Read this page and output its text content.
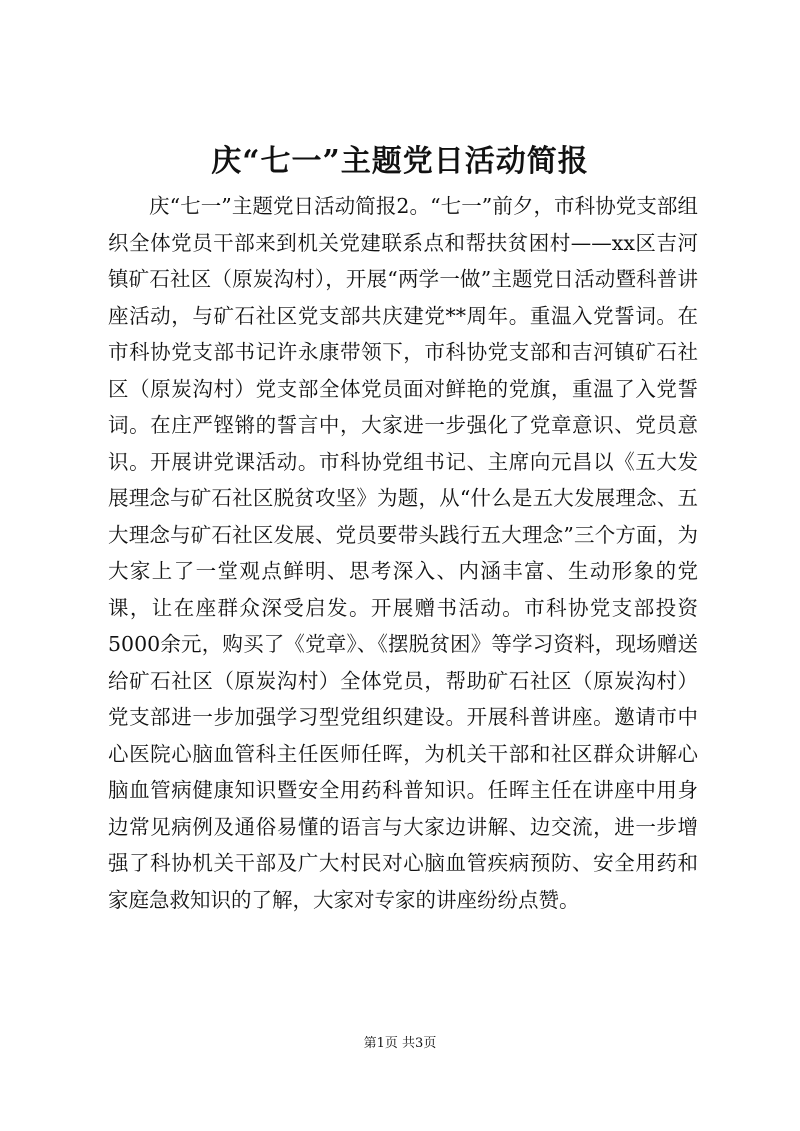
庆“七一”主题党日活动简报

庆“七一”主题党日活动简报2。“七一”前夕，市科协党支部组织全体党员干部来到机关党建联系点和帮扶贫困村——xx区吉河镇矿石社区（原炭沟村），开展“两学一做”主题党日活动暨科普讲座活动，与矿石社区党支部共庆建党**周年。重温入党誓词。在市科协党支部书记许永康带领下，市科协党支部和吉河镇矿石社区（原炭沟村）党支部全体党员面对鲜艳的党旗，重温了入党誓词。在庄严铿锵的誓言中，大家进一步强化了党章意识、党员意识。开展讲党课活动。市科协党组书记、主席向元昌以《五大发展理念与矿石社区脱贫攻坚》为题，从“什么是五大发展理念、五大理念与矿石社区发展、党员要带头践行五大理念”三个方面，为大家上了一堂观点鲜明、思考深入、内涵丰富、生动形象的党课，让在座群众深受启发。开展赠书活动。市科协党支部投资5000余元，购买了《党章》、《摆脱贫困》等学习资料，现场赠送给矿石社区（原炭沟村）全体党员，帮助矿石社区（原炭沟村）党支部进一步加强学习型党组织建设。开展科普讲座。邀请市中心医院心脑血管科主任医师任晖，为机关干部和社区群众讲解心脑血管病健康知识暨安全用药科普知识。任晖主任在讲座中用身边常见病例及通俗易懂的语言与大家边讲解、边交流，进一步增强了科协机关干部及广大村民对心脑血管疾病预防、安全用药和家庭急救知识的了解，大家对专家的讲座纷纷点赞。

第1页 共3页
